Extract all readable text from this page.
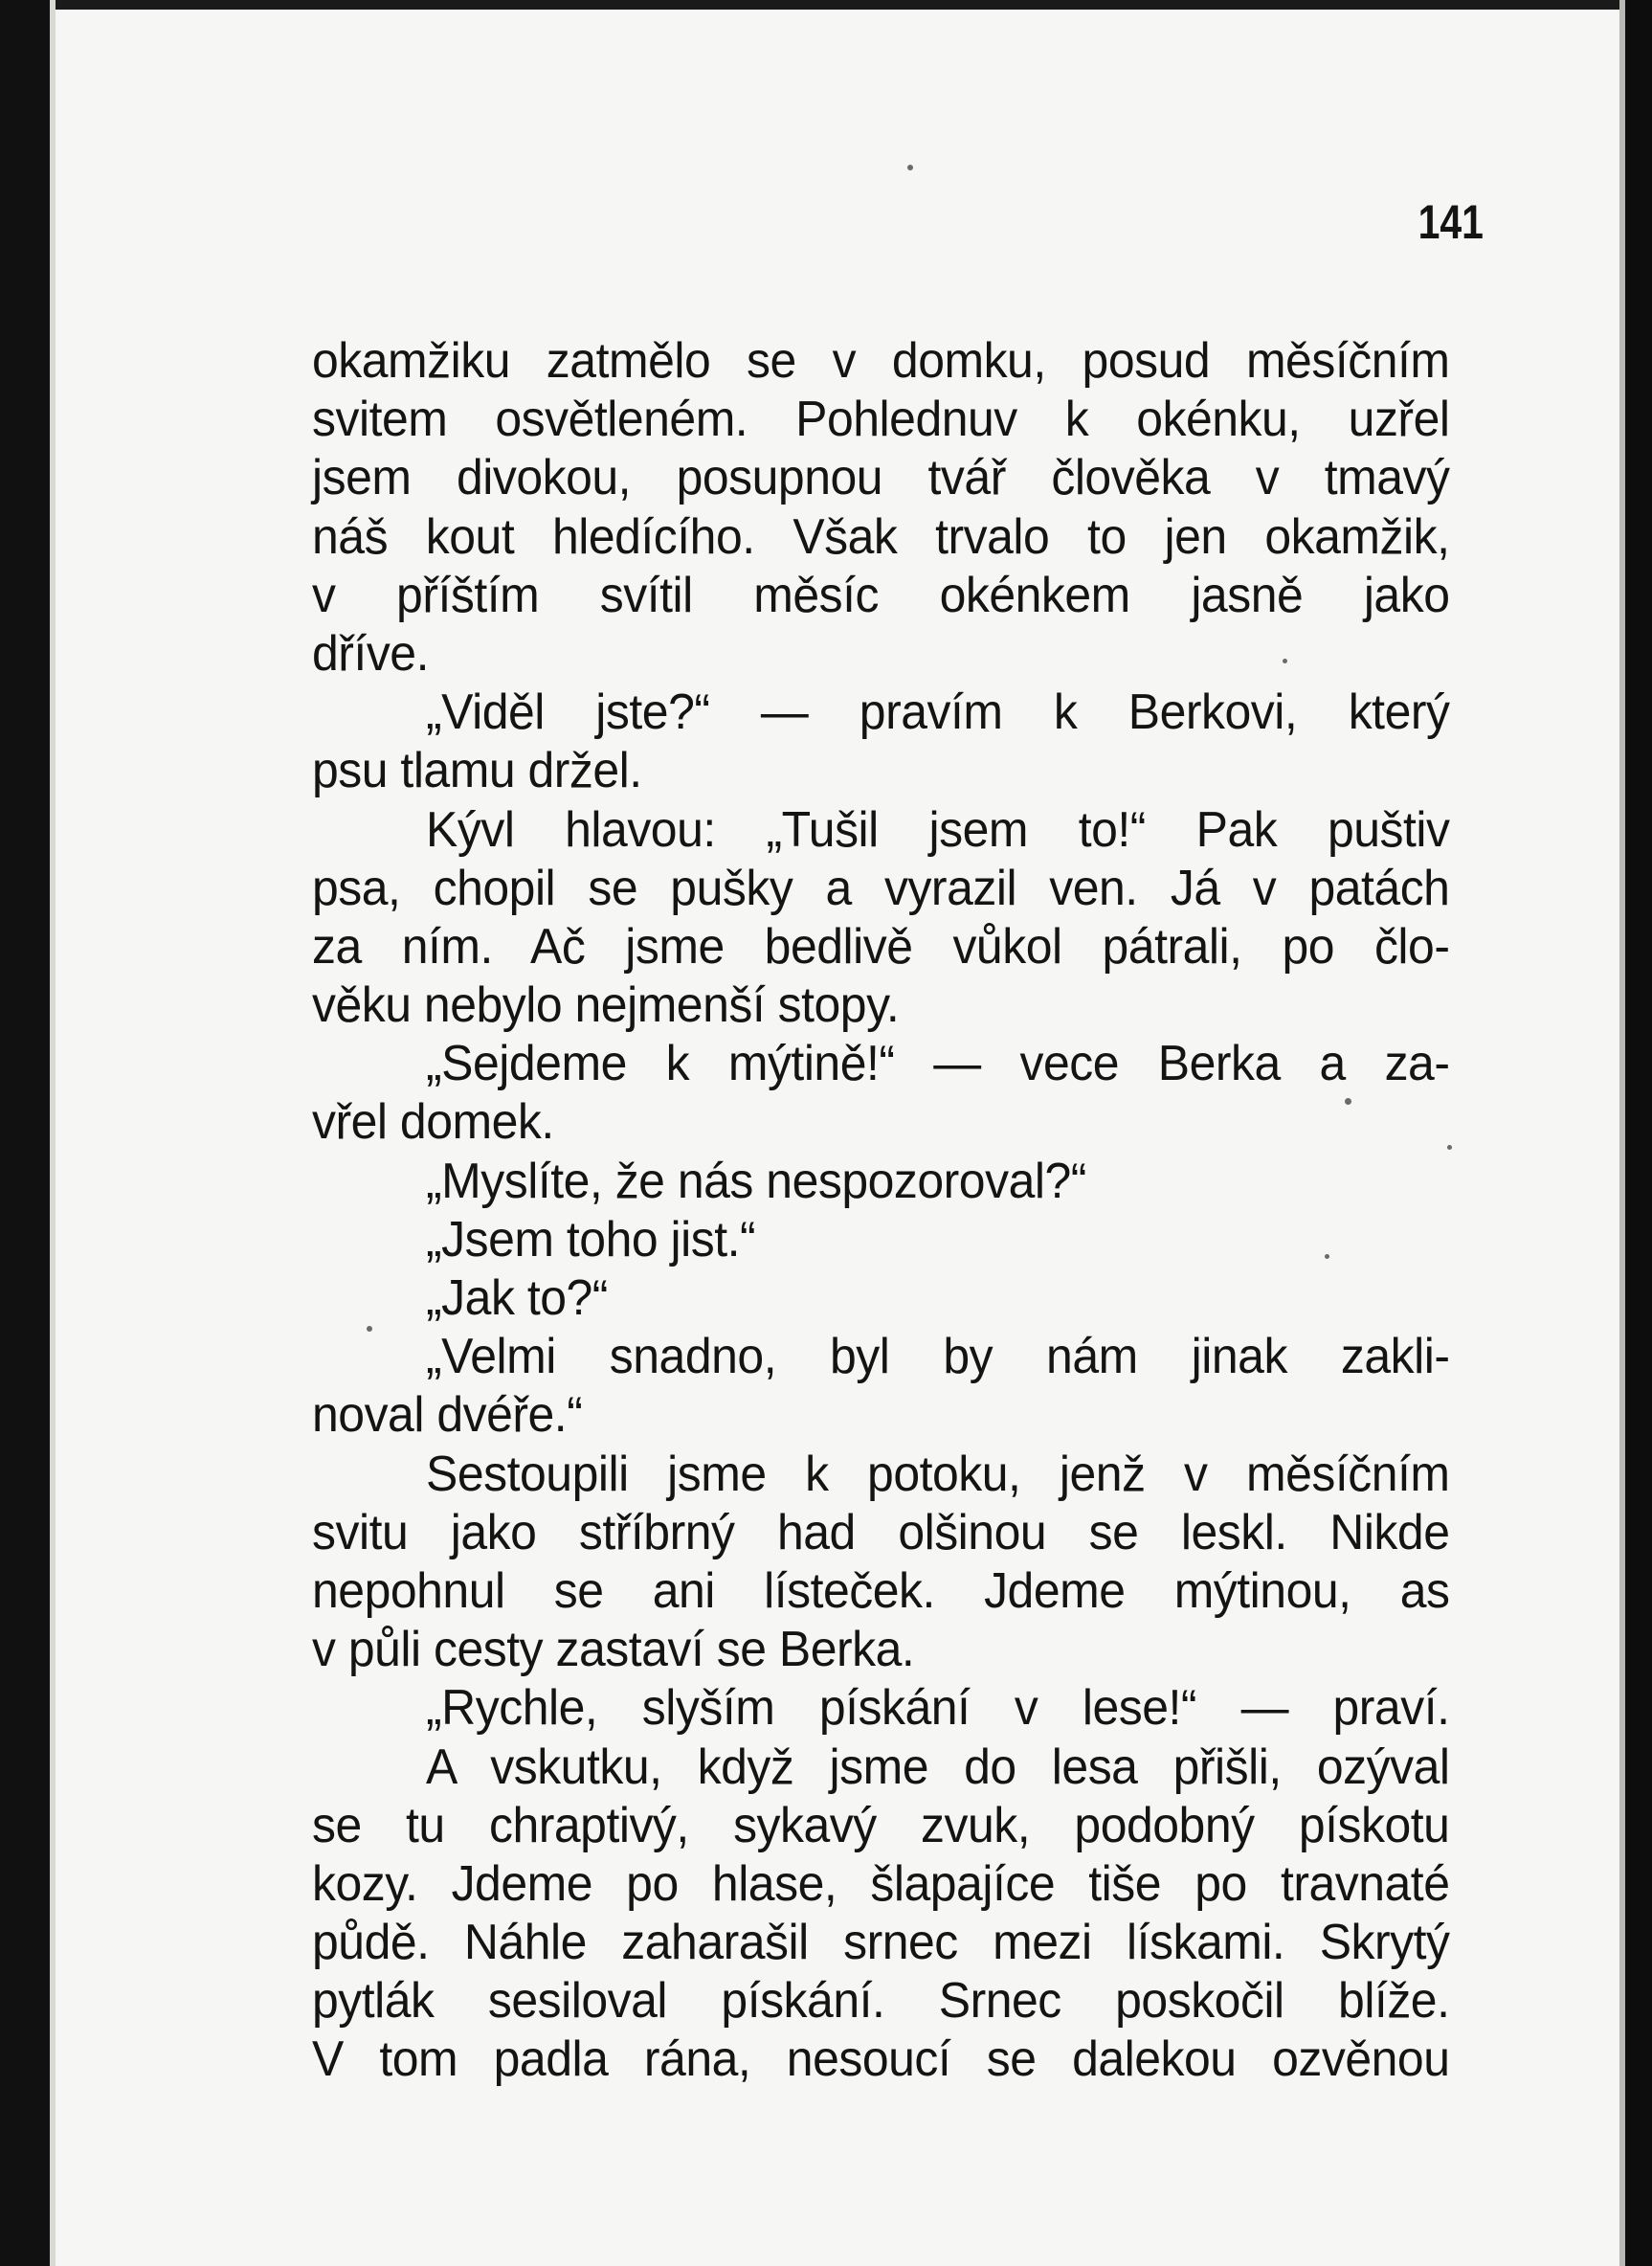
141
okamžiku zatmělo se v domku, posud měsíčním
svitem osvětleném. Pohlednuv k okénku, uzřel
jsem divokou, posupnou tvář člověka v tmavý
náš kout hledícího. Však trvalo to jen okamžik,
v příštím svítil měsíc okénkem jasně jako
dříve.
„Viděl jste?“ — pravím k Berkovi, který
psu tlamu držel.
Kývl hlavou: „Tušil jsem to!“ Pak puštiv
psa, chopil se pušky a vyrazil ven. Já v patách
za ním. Ač jsme bedlivě vůkol pátrali, po člo-
věku nebylo nejmenší stopy.
„Sejdeme k mýtině!“ — vece Berka a za-
vřel domek.
„Myslíte, že nás nespozoroval?“
„Jsem toho jist.“
„Jak to?“
„Velmi snadno, byl by nám jinak zakli-
noval dvéře.“
Sestoupili jsme k potoku, jenž v měsíčním
svitu jako stříbrný had olšinou se leskl. Nikde
nepohnul se ani lísteček. Jdeme mýtinou, as
v půli cesty zastaví se Berka.
„Rychle, slyším pískání v lese!“ — praví.
A vskutku, když jsme do lesa přišli, ozýval
se tu chraptivý, sykavý zvuk, podobný pískotu
kozy. Jdeme po hlase, šlapajíce tiše po travnaté
půdě. Náhle zaharašil srnec mezi lískami. Skrytý
pytlák sesiloval pískání. Srnec poskočil blíže.
V tom padla rána, nesoucí se dalekou ozvěnou
